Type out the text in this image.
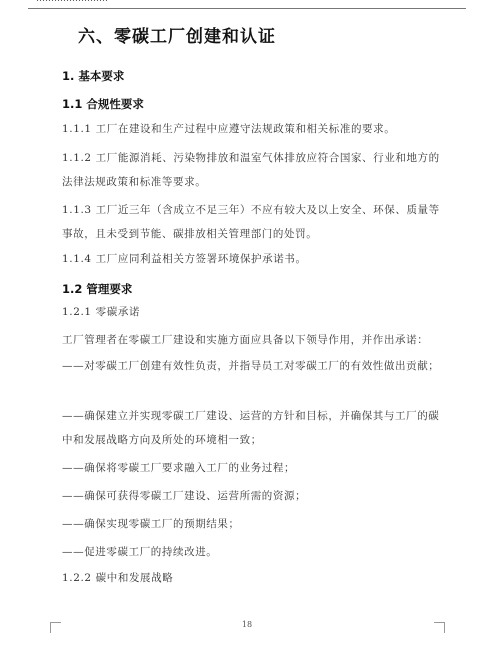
六、零碳工厂创建和认证
1. 基本要求
1.1 合规性要求
1.1.1 工厂在建设和生产过程中应遵守法规政策和相关标准的要求。
1.1.2 工厂能源消耗、污染物排放和温室气体排放应符合国家、行业和地方的法律法规政策和标准等要求。
1.1.3 工厂近三年（含成立不足三年）不应有较大及以上安全、环保、质量等事故，且未受到节能、碳排放相关管理部门的处罚。
1.1.4 工厂应同利益相关方签署环境保护承诺书。
1.2 管理要求
1.2.1 零碳承诺
工厂管理者在零碳工厂建设和实施方面应具备以下领导作用，并作出承诺：
——对零碳工厂创建有效性负责，并指导员工对零碳工厂的有效性做出贡献；
——确保建立并实现零碳工厂建设、运营的方针和目标，并确保其与工厂的碳中和发展战略方向及所处的环境相一致；
——确保将零碳工厂要求融入工厂的业务过程；
——确保可获得零碳工厂建设、运营所需的资源；
——确保实现零碳工厂的预期结果；
——促进零碳工厂的持续改进。
1.2.2 碳中和发展战略
18
